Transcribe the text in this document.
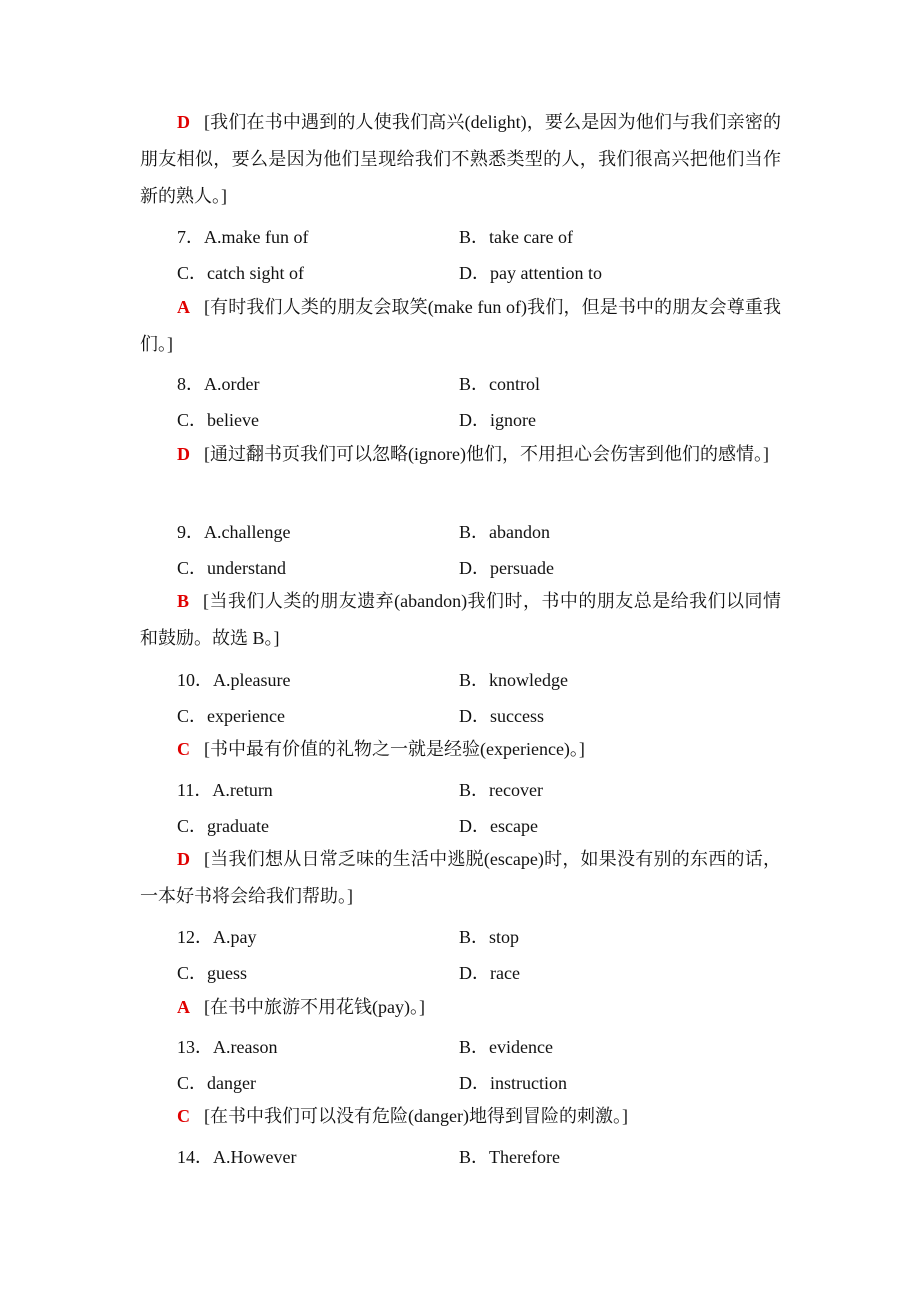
D [我们在书中遇到的人使我们高兴(delight)，要么是因为他们与我们亲密的朋友相似，要么是因为他们呈现给我们不熟悉类型的人，我们很高兴把他们当作新的熟人。]
7．A.make fun of	B．take care of
C．catch sight of	D．pay attention to
A [有时我们人类的朋友会取笑(make fun of)我们，但是书中的朋友会尊重我们。]
8．A.order	B．control
C．believe	D．ignore
D [通过翻书页我们可以忽略(ignore)他们，不用担心会伤害到他们的感情。]
9．A.challenge	B．abandon
C．understand	D．persuade
B [当我们人类的朋友遗弃(abandon)我们时，书中的朋友总是给我们以同情和鼓励。故选 B。]
10．A.pleasure	B．knowledge
C．experience	D．success
C [书中最有价值的礼物之一就是经验(experience)。]
11．A.return	B．recover
C．graduate	D．escape
D [当我们想从日常乏味的生活中逃脱(escape)时，如果没有别的东西的话，一本好书将会给我们帮助。]
12．A.pay	B．stop
C．guess	D．race
A [在书中旅游不用花钱(pay)。]
13．A.reason	B．evidence
C．danger	D．instruction
C [在书中我们可以没有危险(danger)地得到冒险的刺激。]
14．A.However	B．Therefore
